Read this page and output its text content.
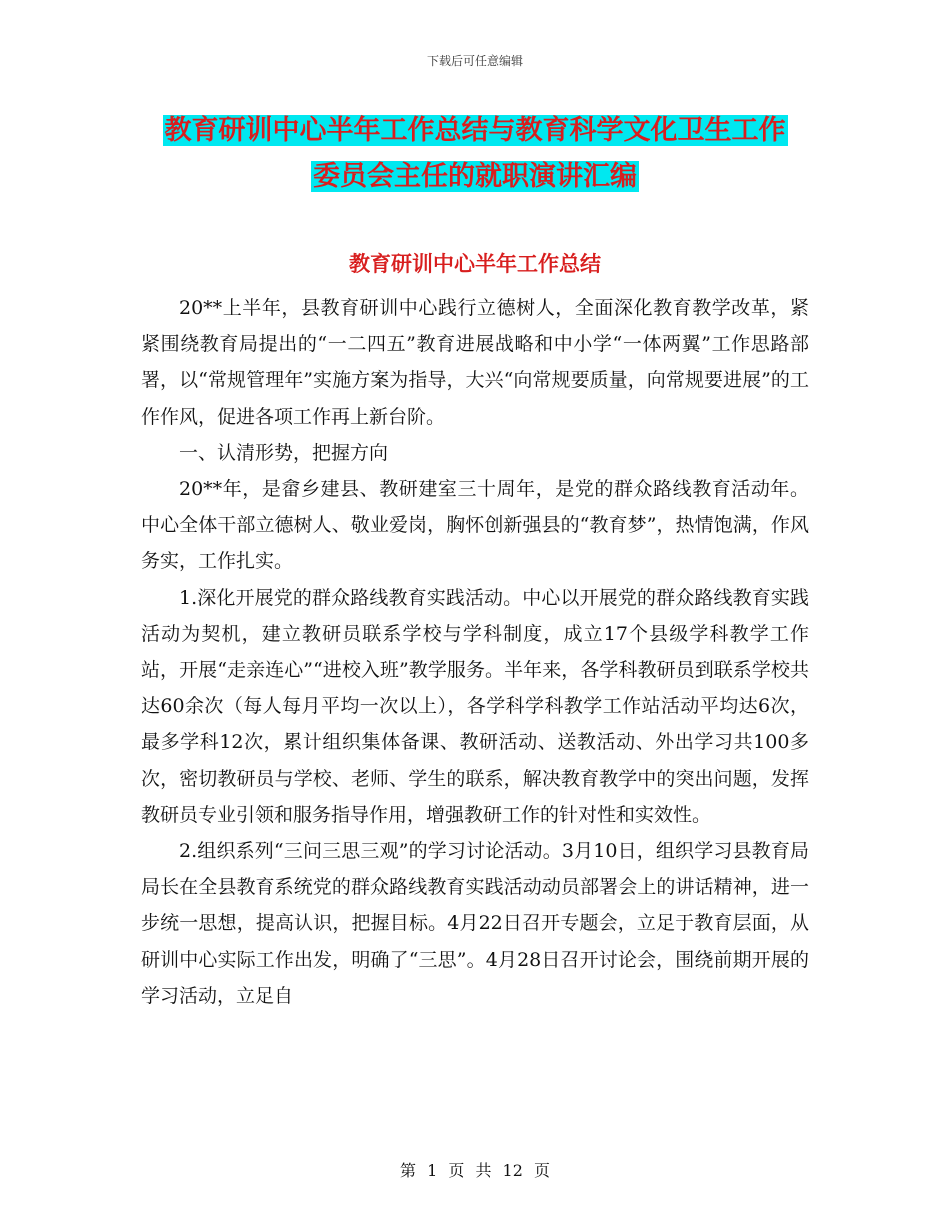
下载后可任意编辑
教育研训中心半年工作总结与教育科学文化卫生工作
委员会主任的就职演讲汇编
教育研训中心半年工作总结

20**上半年，县教育研训中心践行立德树人，全面深化教育教学改革，紧紧围绕教育局提出的“一二四五”教育进展战略和中小学“一体两翼”工作思路部署，以“常规管理年”实施方案为指导，大兴“向常规要质量，向常规要进展”的工作作风，促进各项工作再上新台阶。

一、认清形势，把握方向

20**年，是畲乡建县、教研建室三十周年，是党的群众路线教育活动年。中心全体干部立德树人、敬业爱岗，胸怀创新强县的“教育梦”，热情饱满，作风务实，工作扎实。

1.深化开展党的群众路线教育实践活动。中心以开展党的群众路线教育实践活动为契机，建立教研员联系学校与学科制度，成立17个县级学科教学工作站，开展“走亲连心”“进校入班”教学服务。半年来，各学科教研员到联系学校共达60余次（每人每月平均一次以上），各学科学科教学工作站活动平均达6次，最多学科12次，累计组织集体备课、教研活动、送教活动、外出学习共100多次，密切教研员与学校、老师、学生的联系，解决教育教学中的突出问题，发挥教研员专业引领和服务指导作用，增强教研工作的针对性和实效性。

2.组织系列“三问三思三观”的学习讨论活动。3月10日，组织学习县教育局局长在全县教育系统党的群众路线教育实践活动动员部署会上的讲话精神，进一步统一思想，提高认识，把握目标。4月22日召开专题会，立足于教育层面，从研训中心实际工作出发，明确了“三思”。4月28日召开讨论会，围绕前期开展的学习活动，立足自

第 1 页 共 12 页
